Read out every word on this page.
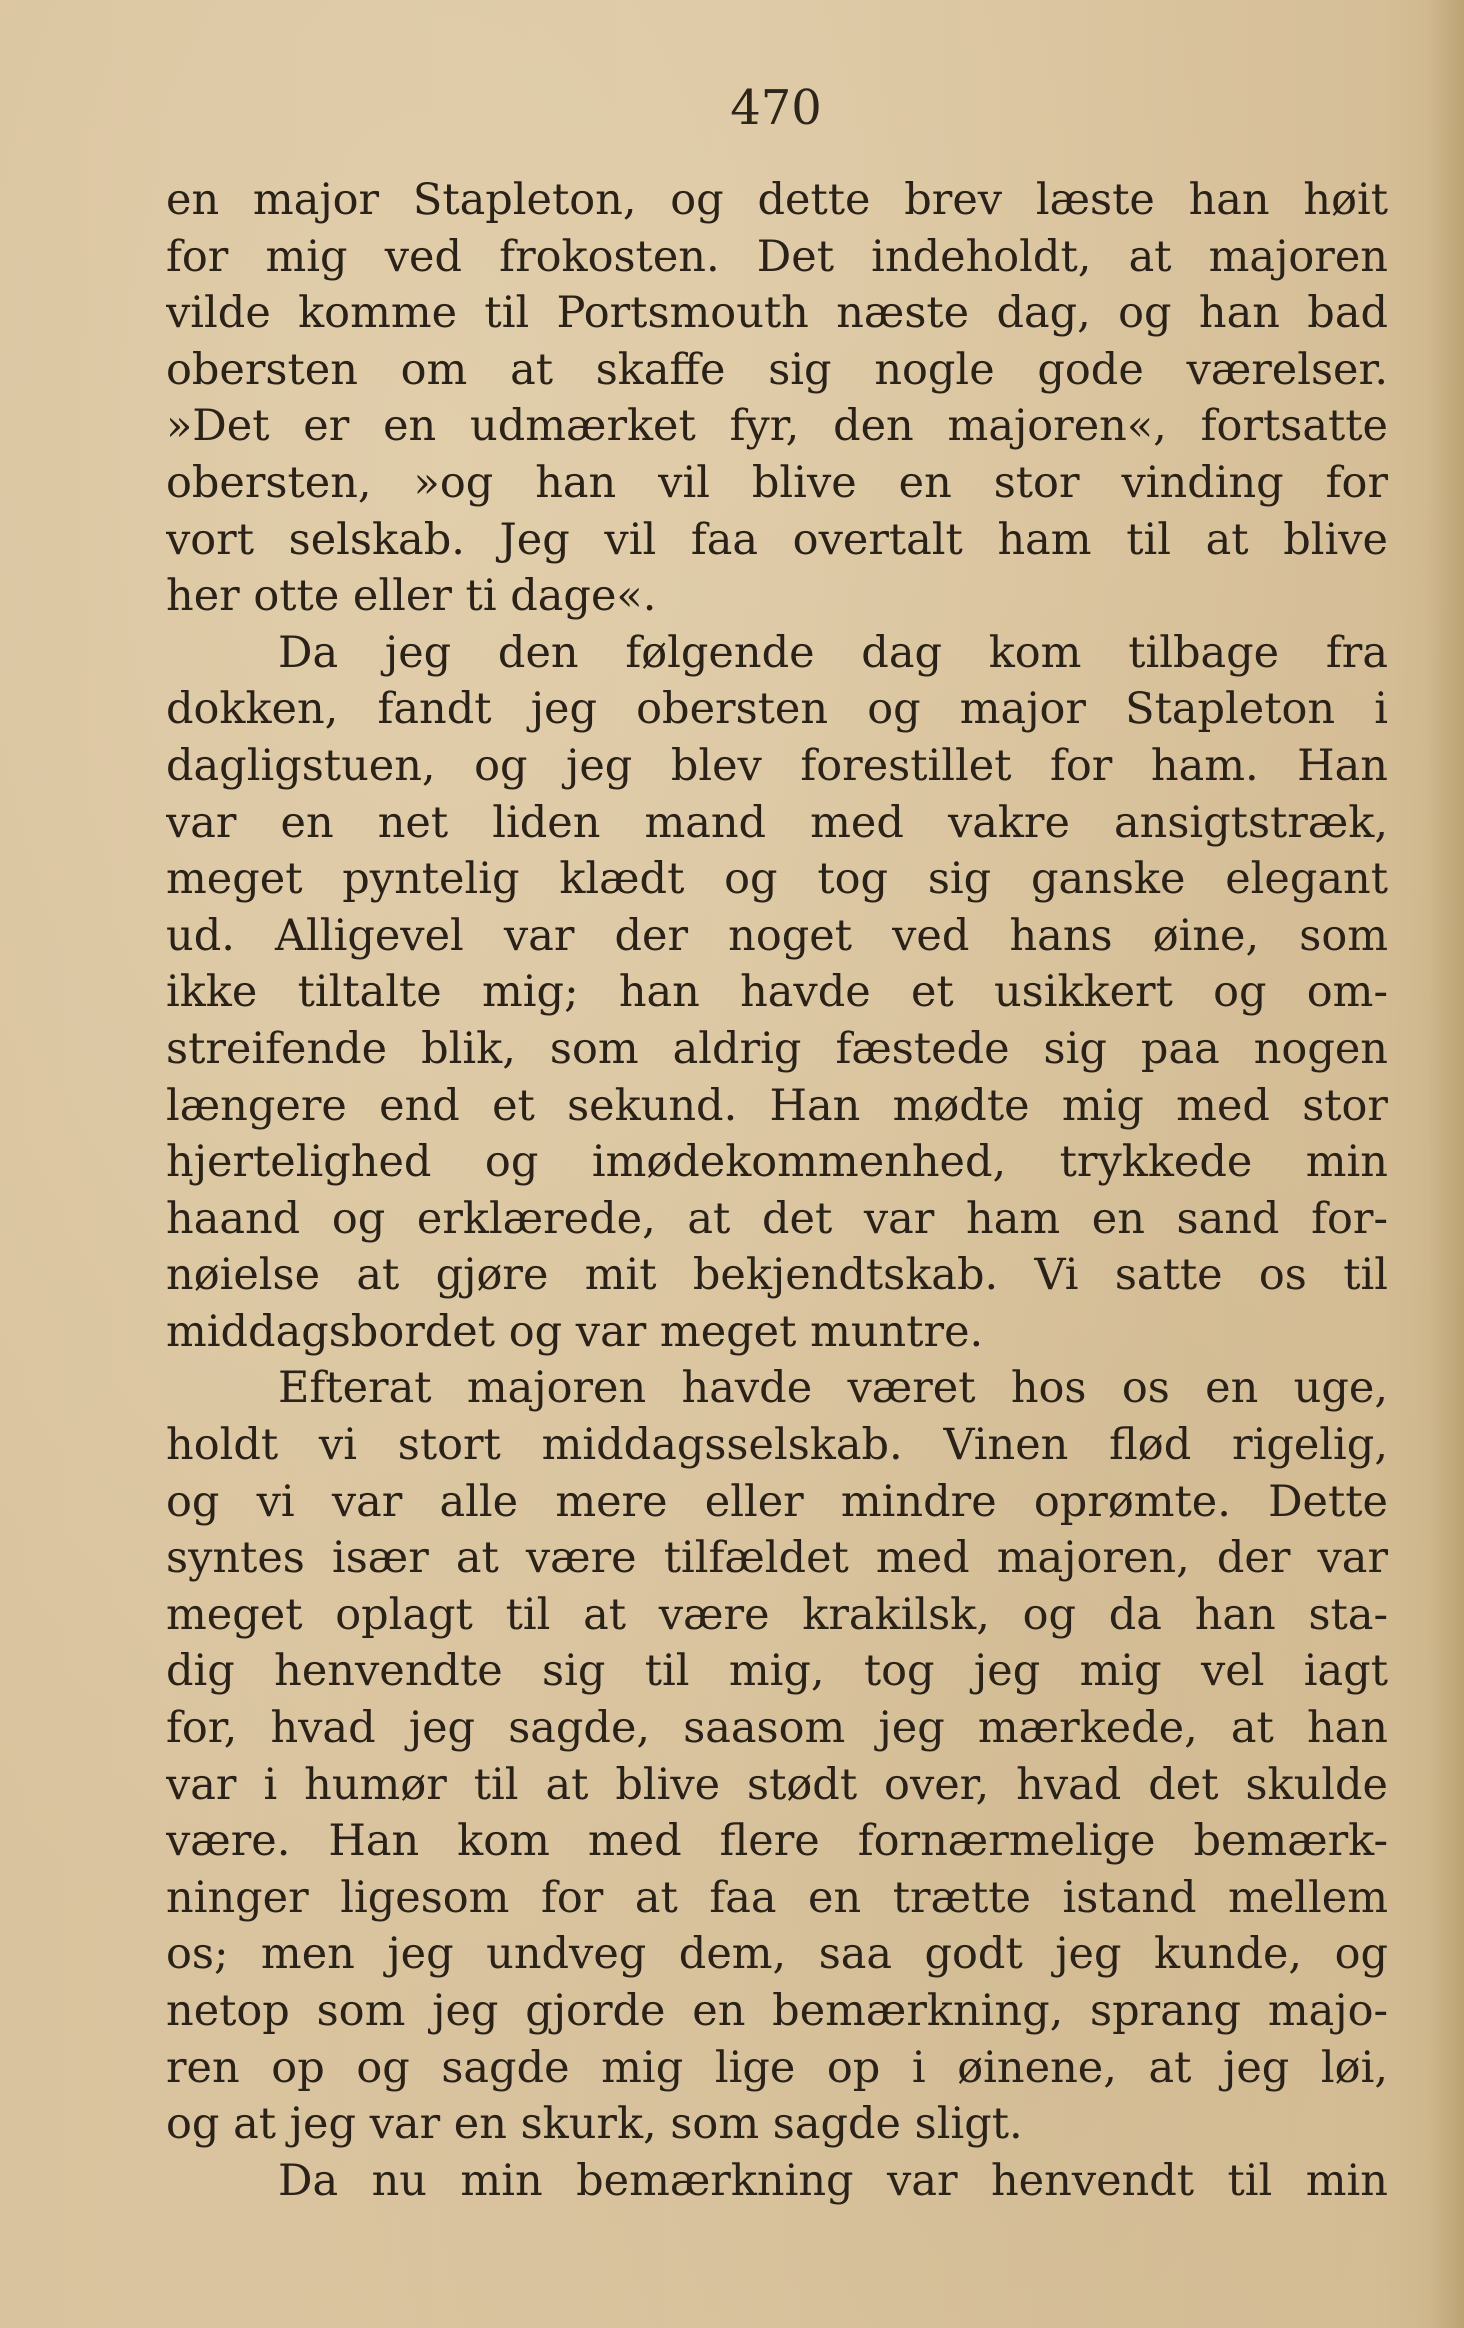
470
en major Stapleton, og dette brev læste han høit
for mig ved frokosten. Det indeholdt, at majoren
vilde komme til Portsmouth næste dag, og han bad
obersten om at skaffe sig nogle gode værelser.
»Det er en udmærket fyr, den majoren«, fortsatte
obersten, »og han vil blive en stor vinding for
vort selskab. Jeg vil faa overtalt ham til at blive
her otte eller ti dage«.
Da jeg den følgende dag kom tilbage fra
dokken, fandt jeg obersten og major Stapleton i
dagligstuen, og jeg blev forestillet for ham. Han
var en net liden mand med vakre ansigtstræk,
meget pyntelig klædt og tog sig ganske elegant
ud. Alligevel var der noget ved hans øine, som
ikke tiltalte mig; han havde et usikkert og om-
streifende blik, som aldrig fæstede sig paa nogen
længere end et sekund. Han mødte mig med stor
hjertelighed og imødekommenhed, trykkede min
haand og erklærede, at det var ham en sand for-
nøielse at gjøre mit bekjendtskab. Vi satte os til
middagsbordet og var meget muntre.
Efterat majoren havde været hos os en uge,
holdt vi stort middagsselskab. Vinen flød rigelig,
og vi var alle mere eller mindre oprømte. Dette
syntes især at være tilfældet med majoren, der var
meget oplagt til at være krakilsk, og da han sta-
dig henvendte sig til mig, tog jeg mig vel iagt
for, hvad jeg sagde, saasom jeg mærkede, at han
var i humør til at blive stødt over, hvad det skulde
være. Han kom med flere fornærmelige bemærk-
ninger ligesom for at faa en trætte istand mellem
os; men jeg undveg dem, saa godt jeg kunde, og
netop som jeg gjorde en bemærkning, sprang majo-
ren op og sagde mig lige op i øinene, at jeg løi,
og at jeg var en skurk, som sagde sligt.
Da nu min bemærkning var henvendt til min
